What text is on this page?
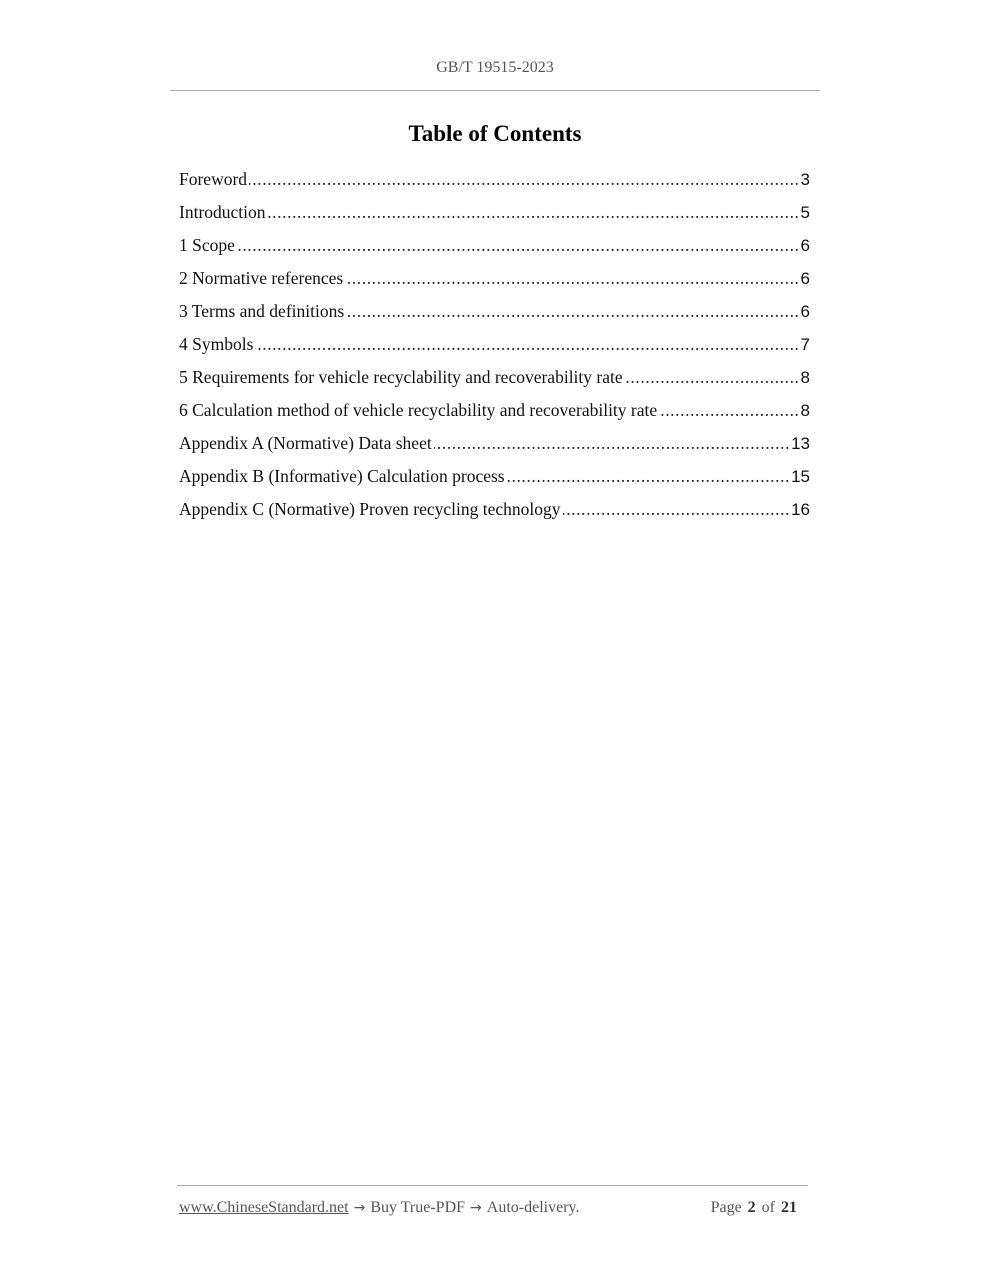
GB/T 19515-2023
Table of Contents
Foreword .....	3
Introduction .....	5
1 Scope .....	6
2 Normative references .....	6
3 Terms and definitions .....	6
4 Symbols .....	7
5 Requirements for vehicle recyclability and recoverability rate .....	8
6 Calculation method of vehicle recyclability and recoverability rate .....	8
Appendix A (Normative) Data sheet .....	13
Appendix B (Informative) Calculation process .....	15
Appendix C (Normative) Proven recycling technology .....	16
www.ChineseStandard.net → Buy True-PDF → Auto-delivery.	Page 2 of 21
